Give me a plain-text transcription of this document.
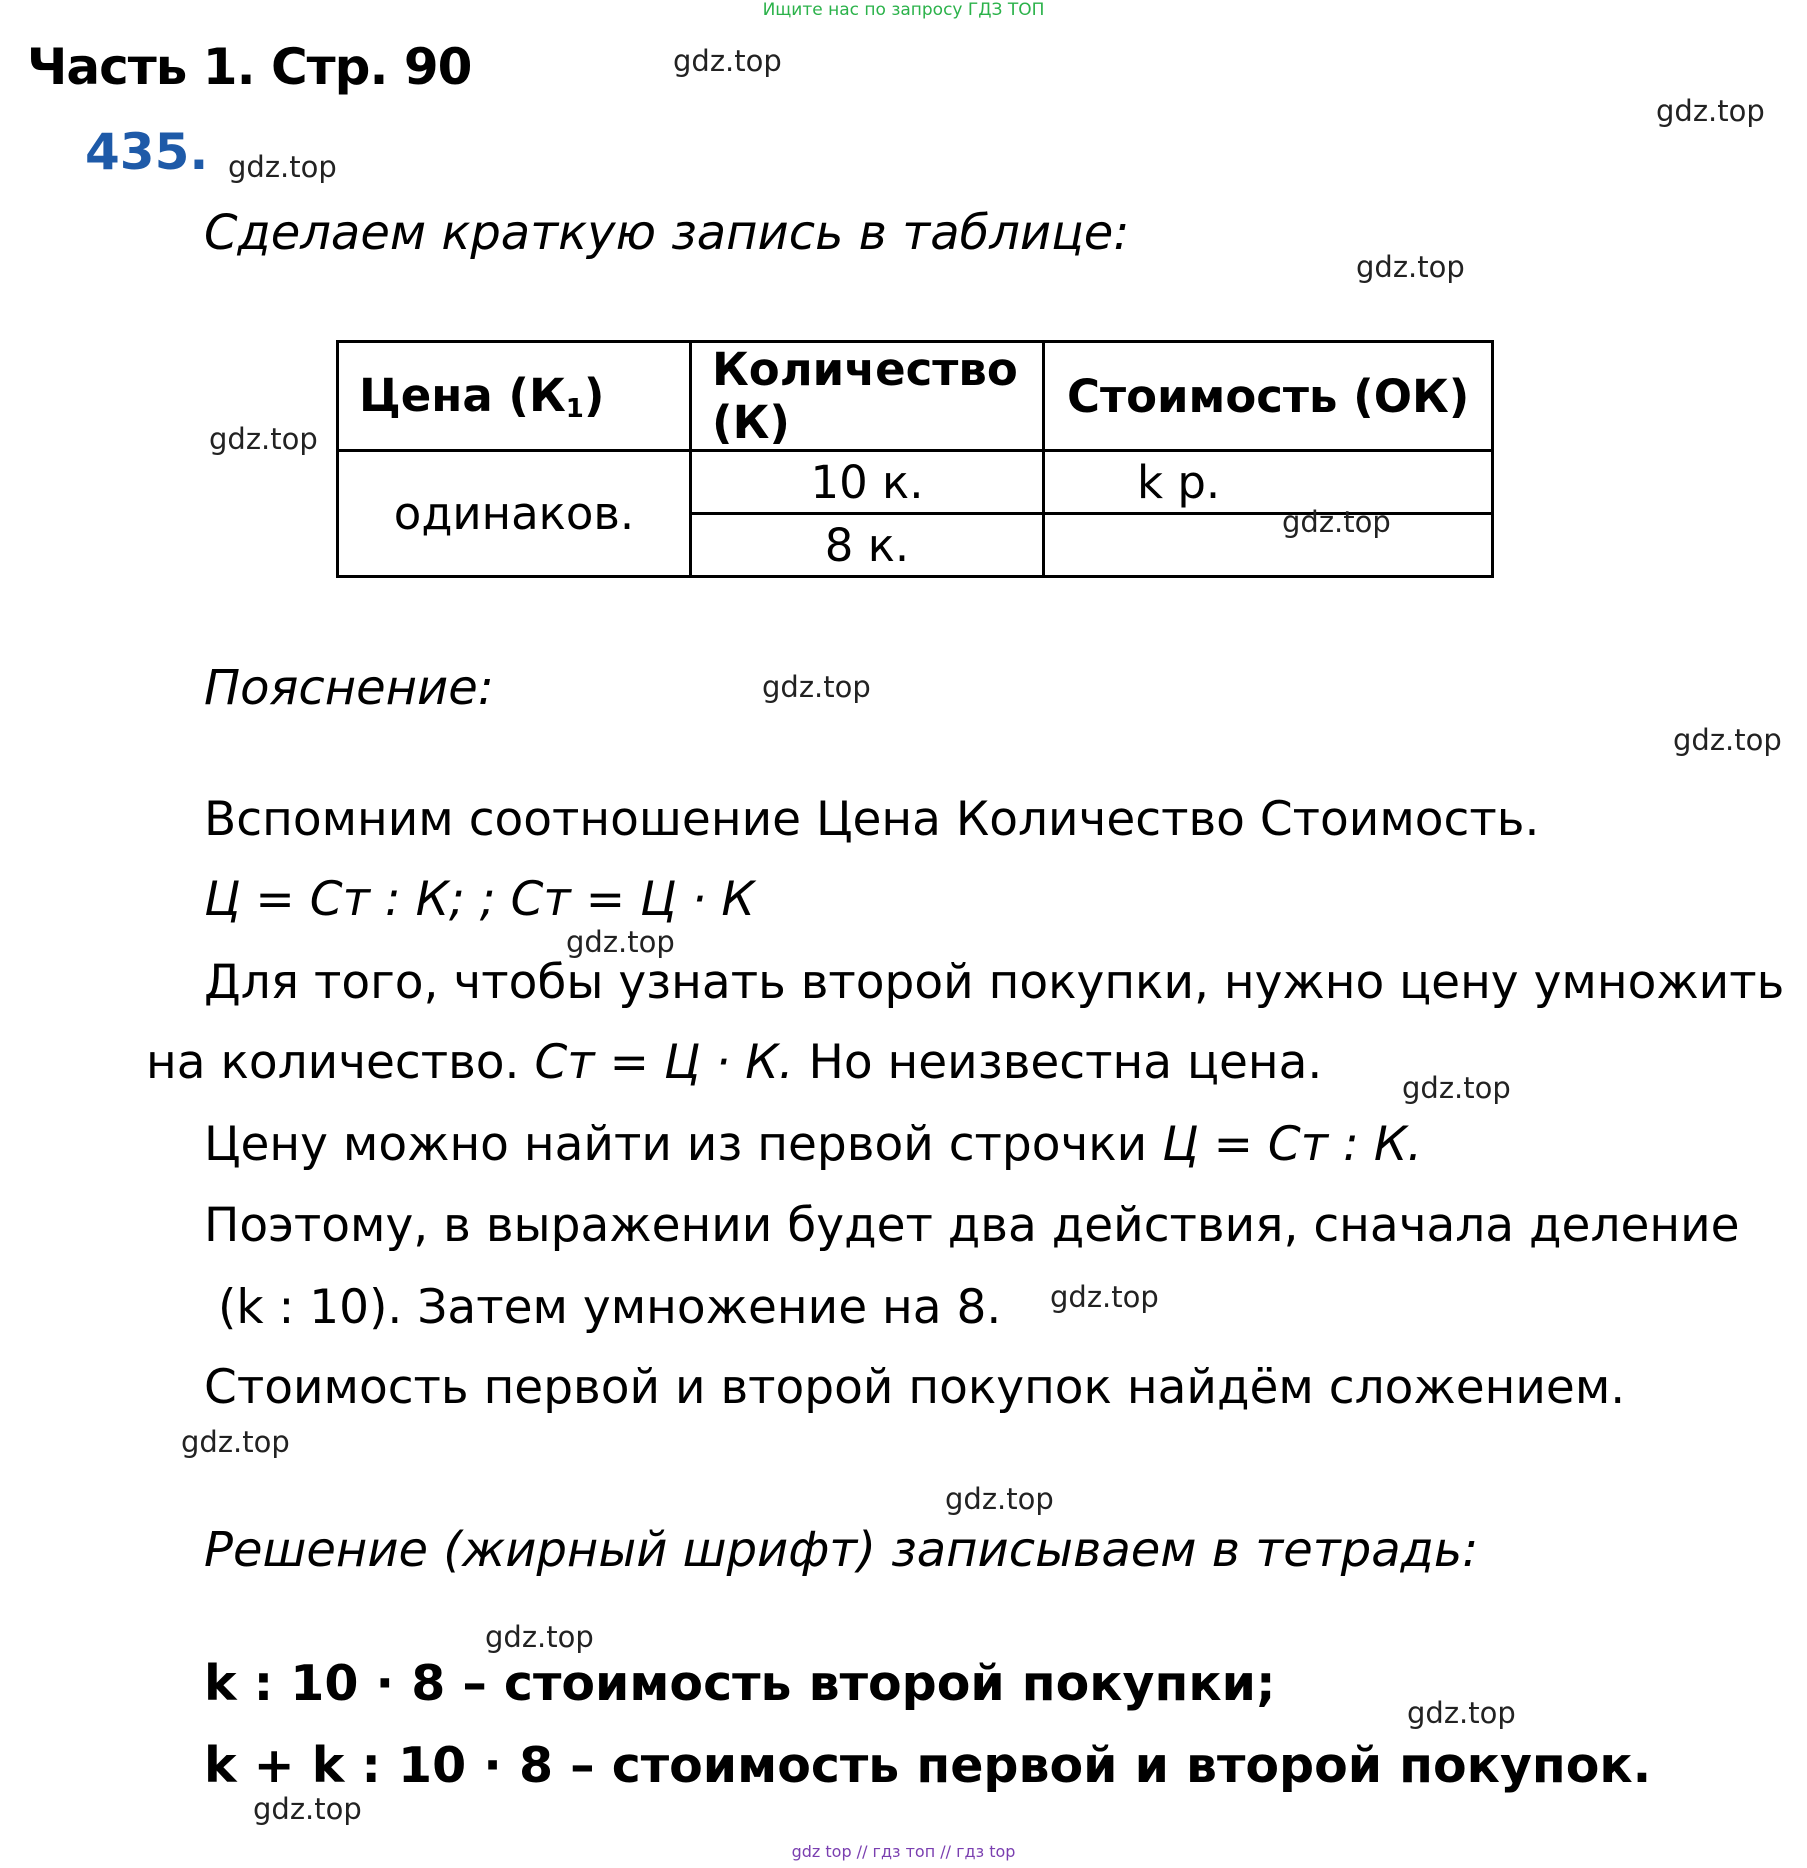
Ищите нас по запросу ГДЗ ТОП
Часть 1. Стр. 90
435.
Сделаем краткую запись в таблице:
Цена $(К_1)$	Количество (К)	Стоимость (ОК)
одинаков.	10 к.	k р.
	8 к.	
Пояснение:
Вспомним соотношение Цена Количество Стоимость.
Ц = Ст : К; ; Ст = Ц · К
Для того, чтобы узнать второй покупки, нужно цену умножить
на количество. Ст = Ц · К. Но неизвестна цена.
Цену можно найти из первой строчки Ц = Ст : К.
Поэтому, в выражении будет два действия, сначала деление
(k : 10). Затем умножение на 8.
Стоимость первой и второй покупок найдём сложением.
Решение (жирный шрифт) записываем в тетрадь:
k : 10 · 8 – стоимость второй покупки;
k + k : 10 · 8 – стоимость первой и второй покупок.
gdz.top
gdz.top
gdz.top
gdz.top
gdz.top
gdz.top
gdz.top
gdz.top
gdz.top
gdz.top
gdz.top
gdz.top
gdz.top
gdz.top
gdz.top
gdz.top
gdz top // гдз топ // гдз top
